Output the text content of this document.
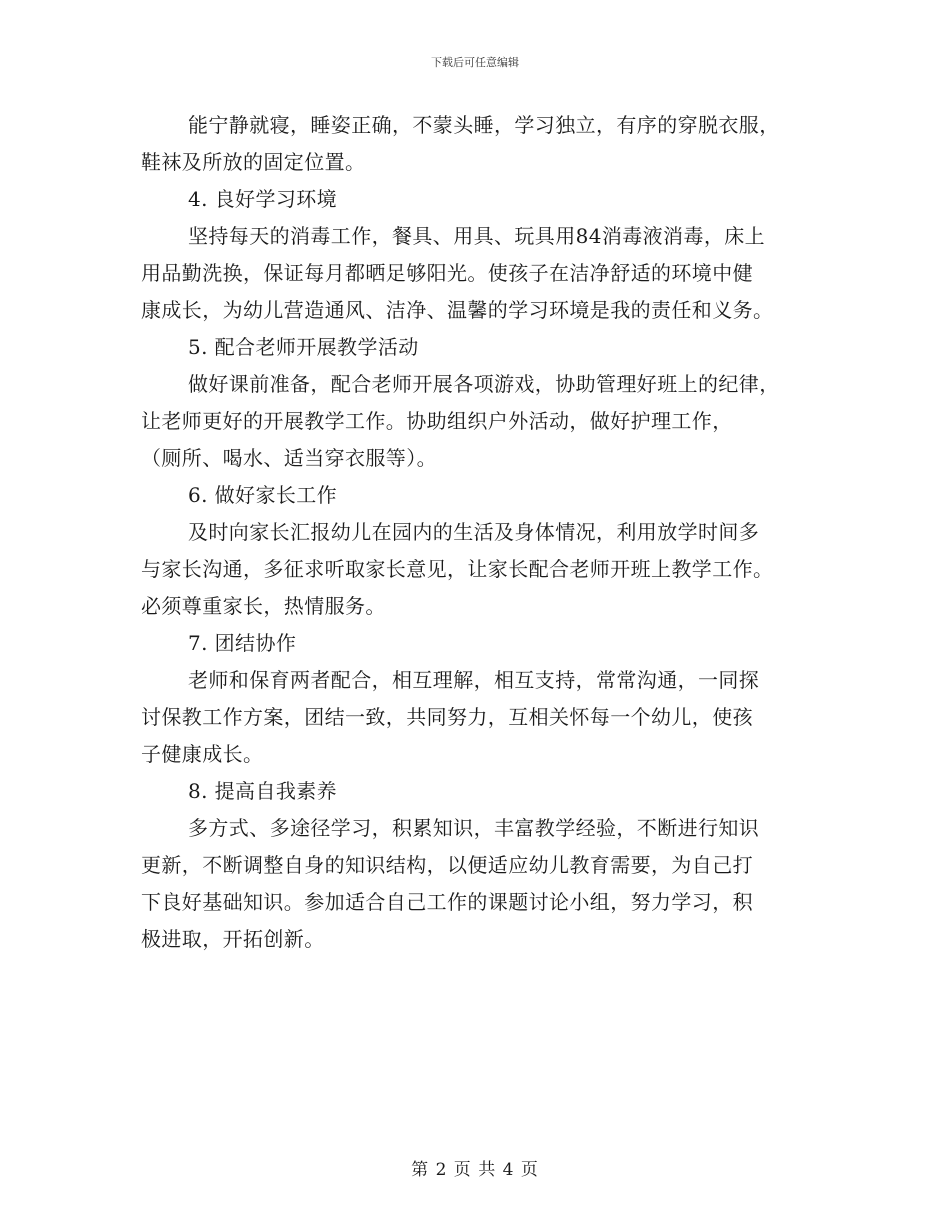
下载后可任意编辑
能宁静就寝，睡姿正确，不蒙头睡，学习独立，有序的穿脱衣服，
鞋袜及所放的固定位置。
4. 良好学习环境
坚持每天的消毒工作，餐具、用具、玩具用84消毒液消毒，床上
用品勤洗换，保证每月都晒足够阳光。使孩子在洁净舒适的环境中健
康成长，为幼儿营造通风、洁净、温馨的学习环境是我的责任和义务。
5. 配合老师开展教学活动
做好课前准备，配合老师开展各项游戏，协助管理好班上的纪律，
让老师更好的开展教学工作。协助组织户外活动，做好护理工作，
（厕所、喝水、适当穿衣服等）。
6. 做好家长工作
及时向家长汇报幼儿在园内的生活及身体情况，利用放学时间多
与家长沟通，多征求听取家长意见，让家长配合老师开班上教学工作。
必须尊重家长，热情服务。
7. 团结协作
老师和保育两者配合，相互理解，相互支持，常常沟通，一同探
讨保教工作方案，团结一致，共同努力，互相关怀每一个幼儿，使孩
子健康成长。
8. 提高自我素养
多方式、多途径学习，积累知识，丰富教学经验，不断进行知识
更新，不断调整自身的知识结构，以便适应幼儿教育需要，为自己打
下良好基础知识。参加适合自己工作的课题讨论小组，努力学习，积
极进取，开拓创新。
第 2 页 共 4 页
